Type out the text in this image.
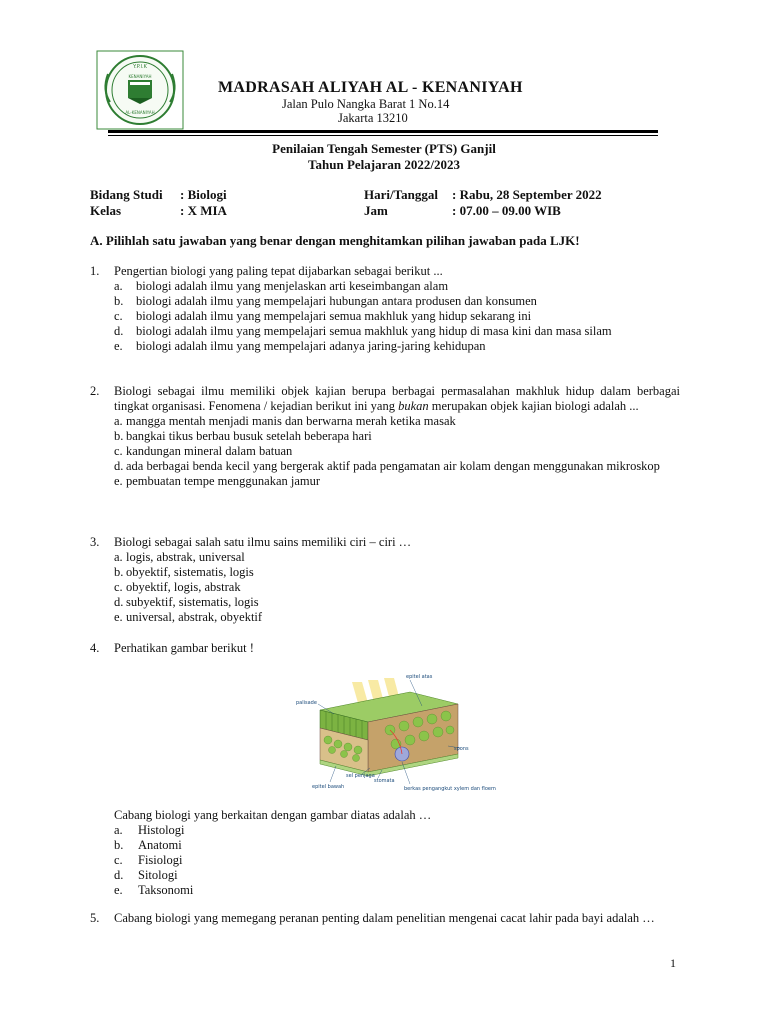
Y.P.I.K
KENANIYAH
AL-KENANIYAH
MADRASAH ALIYAH AL - KENANIYAH
Jalan Pulo Nangka Barat 1 No.14
Jakarta 13210
Penilaian Tengah Semester (PTS) Ganjil
Tahun Pelajaran 2022/2023
Bidang Studi : Biologi
Kelas	: X MIA
Hari/Tanggal : Rabu, 28 September 2022
Jam	: 07.00 – 09.00 WIB
A. Pilihlah satu jawaban yang benar dengan menghitamkan pilihan jawaban pada LJK!
1. Pengertian biologi yang paling tepat dijabarkan sebagai berikut ...
a. biologi adalah ilmu yang menjelaskan arti keseimbangan alam
b. biologi adalah ilmu yang mempelajari hubungan antara produsen dan konsumen
c. biologi adalah ilmu yang mempelajari semua makhluk yang hidup sekarang ini
d. biologi adalah ilmu yang mempelajari semua makhluk yang hidup di masa kini dan masa silam
e. biologi adalah ilmu yang mempelajari adanya jaring-jaring kehidupan
2. Biologi sebagai ilmu memiliki objek kajian berupa berbagai permasalahan makhluk hidup dalam berbagai tingkat organisasi. Fenomena / kejadian berikut ini yang bukan merupakan objek kajian biologi adalah ...
a. mangga mentah menjadi manis dan berwarna merah ketika masak
b. bangkai tikus berbau busuk setelah beberapa hari
c. kandungan mineral dalam batuan
d. ada berbagai benda kecil yang bergerak aktif pada pengamatan air kolam dengan menggunakan mikroskop
e. pembuatan tempe menggunakan jamur
3. Biologi sebagai salah satu ilmu sains memiliki ciri – ciri …
a. logis, abstrak, universal
b. obyektif, sistematis, logis
c. obyektif, logis, abstrak
d. subyektif, sistematis, logis
e. universal, abstrak, obyektif
4. Perhatikan gambar berikut !
epitel atas
palisade
spons
epitel bawah
sel penjaga
stomata
berkas pengangkut xylem dan floem
Cabang biologi yang berkaitan dengan gambar diatas adalah …
a. Histologi
b. Anatomi
c. Fisiologi
d. Sitologi
e. Taksonomi
5. Cabang biologi yang memegang peranan penting dalam penelitian mengenai cacat lahir pada bayi adalah …
1
